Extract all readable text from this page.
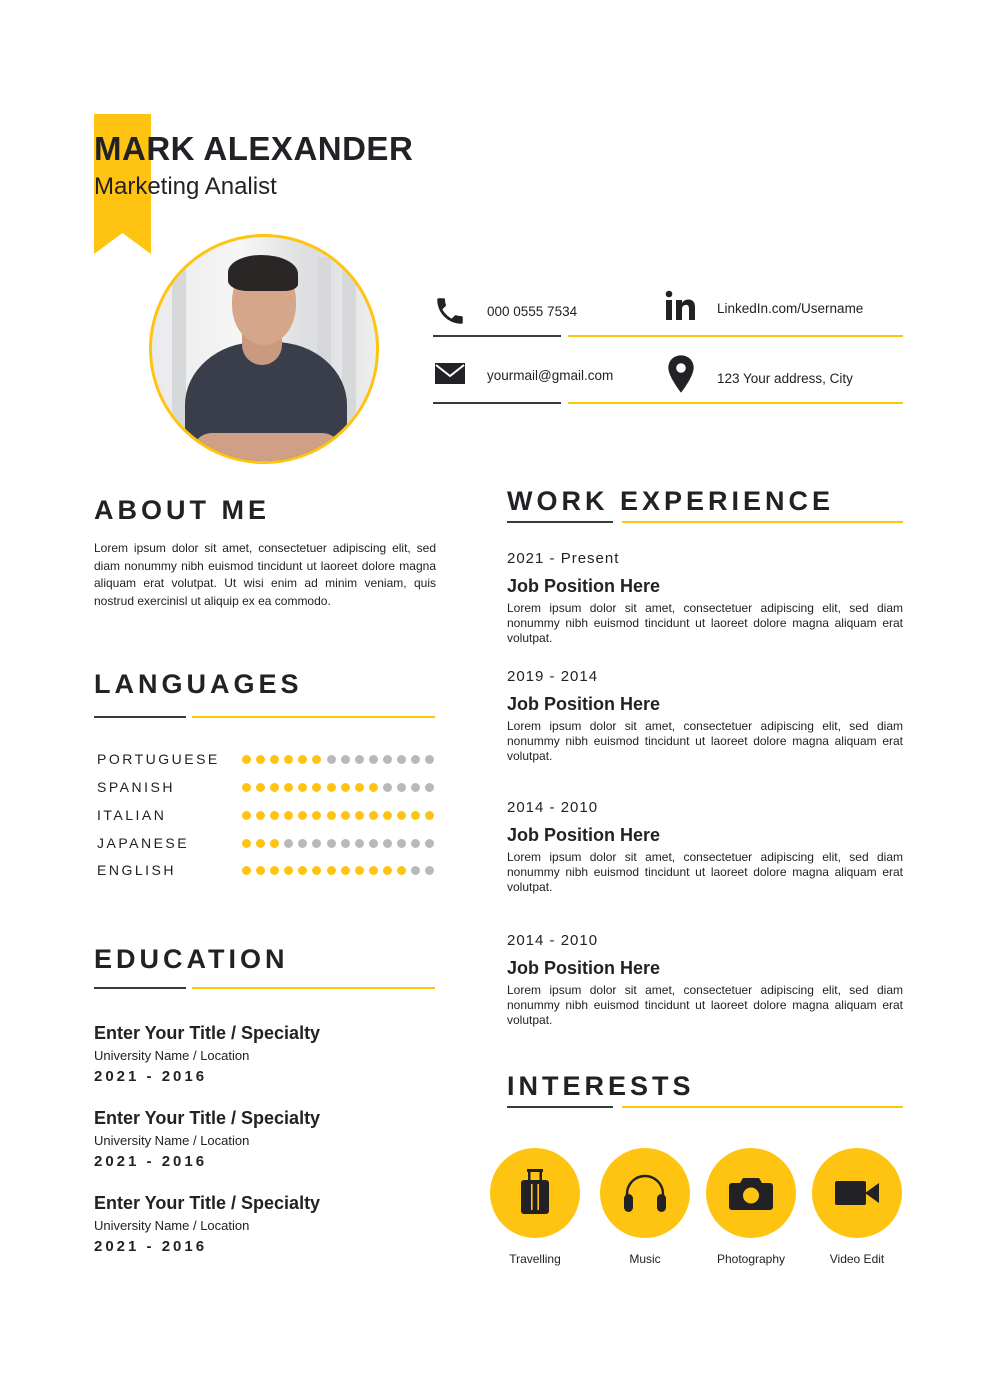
MARK ALEXANDER
Marketing Analist
000 0555 7534
yourmail@gmail.com
LinkedIn.com/Username
123 Your address, City
ABOUT ME
Lorem ipsum dolor sit amet, consectetuer adipiscing elit, sed diam nonummy nibh euismod tincidunt ut laoreet dolore magna aliquam erat volutpat. Ut wisi enim ad minim veniam, quis nostrud exercinisl ut aliquip ex ea commodo.
LANGUAGES
PORTUGUESE
SPANISH
ITALIAN
JAPANESE
ENGLISH
EDUCATION
Enter Your Title / Specialty
University Name / Location
2021 - 2016
Enter Your Title / Specialty
University Name / Location
2021 - 2016
Enter Your Title / Specialty
University Name / Location
2021 - 2016
WORK EXPERIENCE
2021 - Present
Job Position Here
Lorem ipsum dolor sit amet, consectetuer adipiscing elit, sed diam nonummy nibh euismod tincidunt ut laoreet dolore magna aliquam erat volutpat.
2019 - 2014
Job Position Here
Lorem ipsum dolor sit amet, consectetuer adipiscing elit, sed diam nonummy nibh euismod tincidunt ut laoreet dolore magna aliquam erat volutpat.
2014 - 2010
Job Position Here
Lorem ipsum dolor sit amet, consectetuer adipiscing elit, sed diam nonummy nibh euismod tincidunt ut laoreet dolore magna aliquam erat volutpat.
2014 - 2010
Job Position Here
Lorem ipsum dolor sit amet, consectetuer adipiscing elit, sed diam nonummy nibh euismod tincidunt ut laoreet dolore magna aliquam erat volutpat.
INTERESTS
Travelling	Music	Photography	Video Edit
